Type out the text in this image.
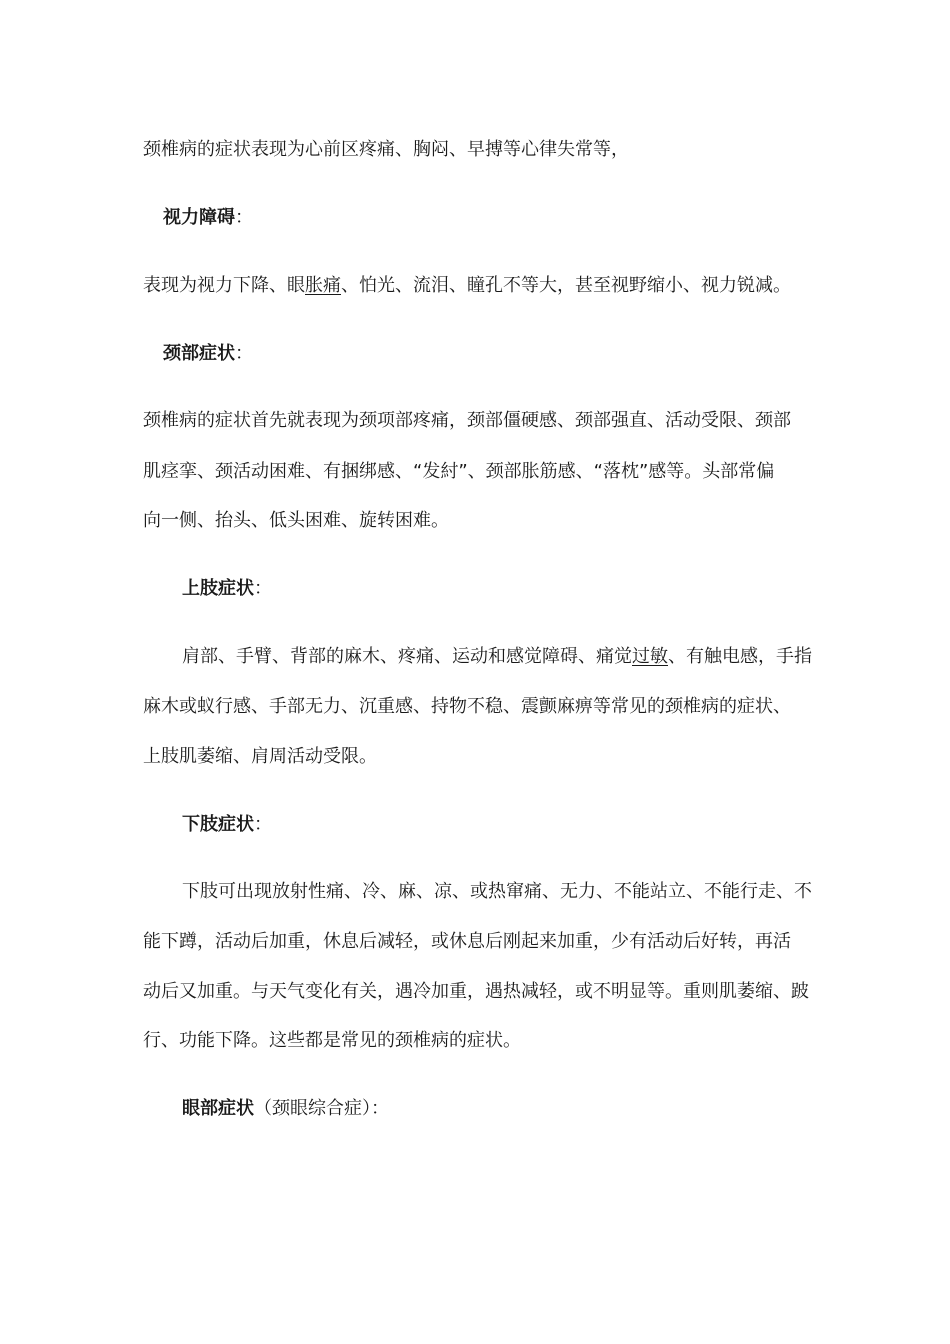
颈椎病的症状表现为心前区疼痛、胸闷、早搏等心律失常等，
视力障碍：
表现为视力下降、眼胀痛、怕光、流泪、瞳孔不等大，甚至视野缩小、视力锐减。
颈部症状：
颈椎病的症状首先就表现为颈项部疼痛，颈部僵硬感、颈部强直、活动受限、颈部
肌痉挛、颈活动困难、有捆绑感、“发紂”、颈部胀筋感、“落枕”感等。头部常偏
向一侧、抬头、低头困难、旋转困难。
上肢症状：
肩部、手臂、背部的麻木、疼痛、运动和感觉障碍、痛觉过敏、有触电感，手指
麻木或蚁行感、手部无力、沉重感、持物不稳、震颤麻痹等常见的颈椎病的症状、
上肢肌萎缩、肩周活动受限。
下肢症状：
下肢可出现放射性痛、冷、麻、凉、或热窜痛、无力、不能站立、不能行走、不
能下蹲，活动后加重，休息后减轻，或休息后刚起来加重，少有活动后好转，再活
动后又加重。与天气变化有关，遇冷加重，遇热减轻，或不明显等。重则肌萎缩、跛
行、功能下降。这些都是常见的颈椎病的症状。
眼部症状（颈眼综合症）：
